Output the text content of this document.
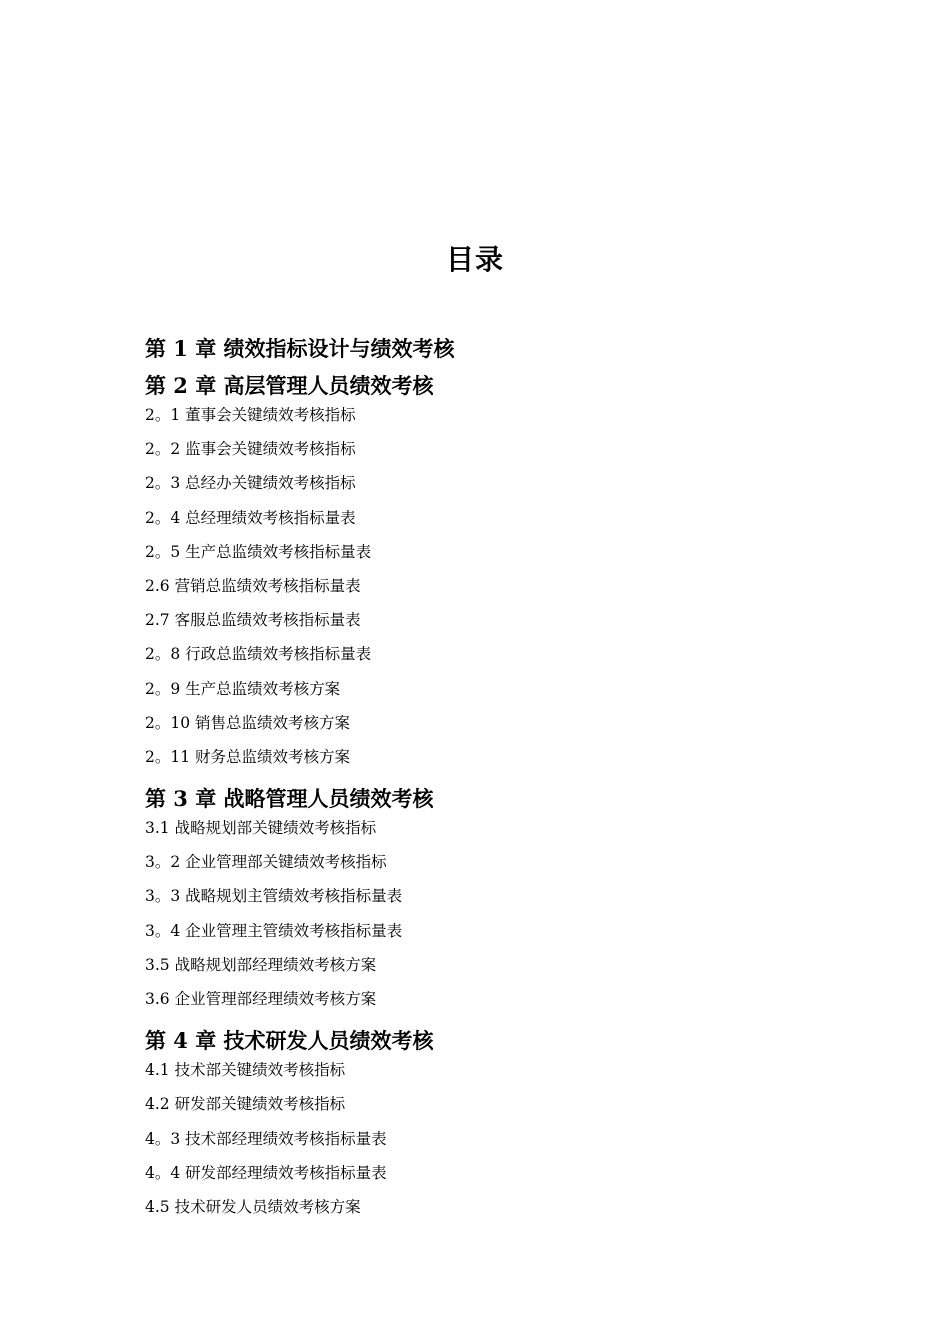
目录
第 1 章 绩效指标设计与绩效考核
第 2 章 高层管理人员绩效考核
2。1 董事会关键绩效考核指标
2。2 监事会关键绩效考核指标
2。3 总经办关键绩效考核指标
2。4 总经理绩效考核指标量表
2。5 生产总监绩效考核指标量表
2.6 营销总监绩效考核指标量表
2.7 客服总监绩效考核指标量表
2。8 行政总监绩效考核指标量表
2。9 生产总监绩效考核方案
2。10 销售总监绩效考核方案
2。11 财务总监绩效考核方案
第 3 章 战略管理人员绩效考核
3.1 战略规划部关键绩效考核指标
3。2 企业管理部关键绩效考核指标
3。3 战略规划主管绩效考核指标量表
3。4 企业管理主管绩效考核指标量表
3.5 战略规划部经理绩效考核方案
3.6 企业管理部经理绩效考核方案
第 4 章 技术研发人员绩效考核
4.1 技术部关键绩效考核指标
4.2 研发部关键绩效考核指标
4。3 技术部经理绩效考核指标量表
4。4 研发部经理绩效考核指标量表
4.5 技术研发人员绩效考核方案
